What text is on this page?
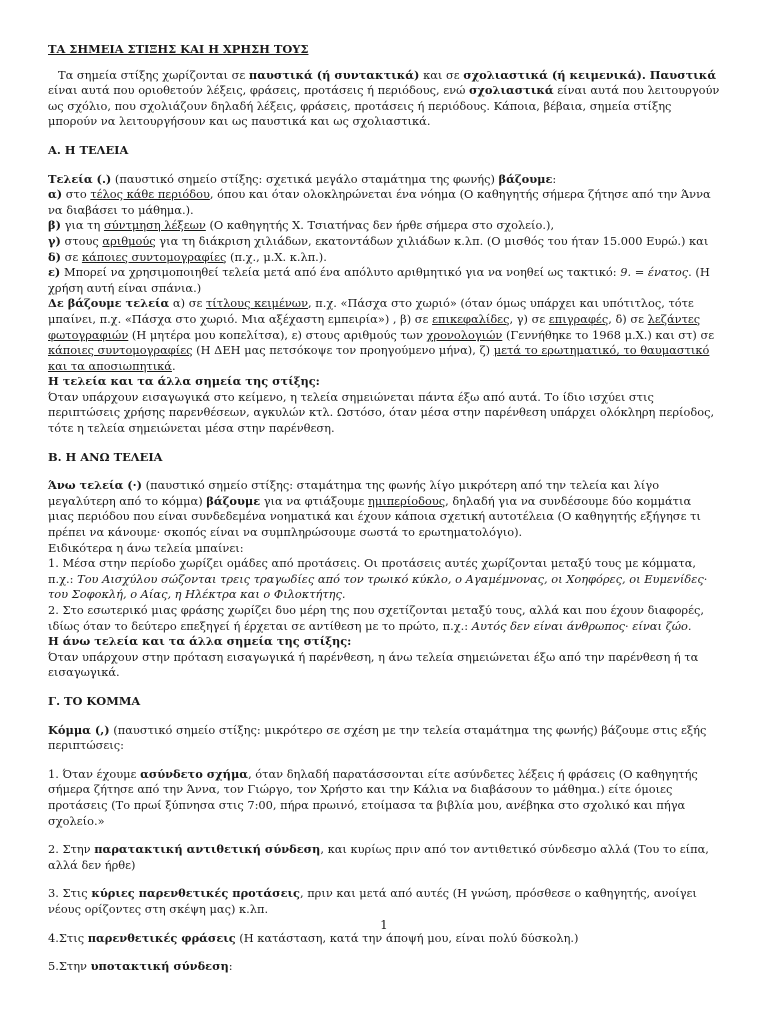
ΤΑ ΣΗΜΕΙΑ ΣΤΙΞΗΣ ΚΑΙ Η ΧΡΗΣΗ ΤΟΥΣ

Τα σημεία στίξης χωρίζονται σε παυστικά (ή συντακτικά) και σε σχολιαστικά (ή κειμενικά). Παυστικά είναι αυτά που οριοθετούν λέξεις, φράσεις, προτάσεις ή περιόδους, ενώ σχολιαστικά είναι αυτά που λειτουργούν ως σχόλιο, που σχολιάζουν δηλαδή λέξεις, φράσεις, προτάσεις ή περιόδους. Κάποια, βέβαια, σημεία στίξης μπορούν να λειτουργήσουν και ως παυστικά και ως σχολιαστικά.

Α. Η ΤΕΛΕΙΑ

Τελεία (.) (παυστικό σημείο στίξης: σχετικά μεγάλο σταμάτημα της φωνής) βάζουμε:

α) στο τέλος κάθε περιόδου, όπου και όταν ολοκληρώνεται ένα νόημα (Ο καθηγητής σήμερα ζήτησε από την Άννα να διαβάσει το μάθημα.).

β) για τη σύντμηση λέξεων (Ο καθηγητής Χ. Τσιατήνας δεν ήρθε σήμερα στο σχολείο.),

γ) στους αριθμούς για τη διάκριση χιλιάδων, εκατοντάδων χιλιάδων κ.λπ. (Ο μισθός του ήταν 15.000 Ευρώ.) και

δ) σε κάποιες συντομογραφίες (π.χ., μ.Χ. κ.λπ.).

ε) Μπορεί να χρησιμοποιηθεί τελεία μετά από ένα απόλυτο αριθμητικό για να νοηθεί ως τακτικό: 9. = ένατος. (Η χρήση αυτή είναι σπάνια.)

Δε βάζουμε τελεία α) σε τίτλους κειμένων, π.χ. «Πάσχα στο χωριό» (όταν όμως υπάρχει και υπότιτλος, τότε μπαίνει, π.χ. «Πάσχα στο χωριό. Μια αξέχαστη εμπειρία») , β) σε επικεφαλίδες, γ) σε επιγραφές, δ) σε λεζάντες φωτογραφιών (Η μητέρα μου κοπελίτσα), ε) στους αριθμούς των χρονολογιών (Γεννήθηκε το 1968 μ.Χ.) και στ) σε κάποιες συντομογραφίες (Η ΔΕΗ μας πετσόκοψε τον προηγούμενο μήνα), ζ) μετά το ερωτηματικό, το θαυμαστικό και τα αποσιωπητικά.

Η τελεία και τα άλλα σημεία της στίξης:

Όταν υπάρχουν εισαγωγικά στο κείμενο, η τελεία σημειώνεται πάντα έξω από αυτά. Το ίδιο ισχύει στις περιπτώσεις χρήσης παρενθέσεων, αγκυλών κτλ. Ωστόσο, όταν μέσα στην παρένθεση υπάρχει ολόκληρη περίοδος, τότε η τελεία σημειώνεται μέσα στην παρένθεση.

Β. Η ΑΝΩ ΤΕΛΕΙΑ

Άνω τελεία (·) (παυστικό σημείο στίξης: σταμάτημα της φωνής λίγο μικρότερη από την τελεία και λίγο μεγαλύτερη από το κόμμα) βάζουμε για να φτιάξουμε ημιπερίοδους, δηλαδή για να συνδέσουμε δύο κομμάτια μιας περιόδου που είναι συνδεδεμένα νοηματικά και έχουν κάποια σχετική αυτοτέλεια (Ο καθηγητής εξήγησε τι πρέπει να κάνουμε· σκοπός είναι να συμπληρώσουμε σωστά το ερωτηματολόγιο).

Ειδικότερα η άνω τελεία μπαίνει:

1. Μέσα στην περίοδο χωρίζει ομάδες από προτάσεις. Οι προτάσεις αυτές χωρίζονται μεταξύ τους με κόμματα, π.χ.: Του Αισχύλου σώζονται τρεις τραγωδίες από τον τρωικό κύκλο, ο Αγαμέμνονας, οι Χοηφόρες, οι Ευμενίδες· του Σοφοκλή, ο Αίας, η Ηλέκτρα και ο Φιλοκτήτης.

2. Στο εσωτερικό μιας φράσης χωρίζει δυο μέρη της που σχετίζονται μεταξύ τους, αλλά και που έχουν διαφορές, ιδίως όταν το δεύτερο επεξηγεί ή έρχεται σε αντίθεση με το πρώτο, π.χ.: Αυτός δεν είναι άνθρωπος· είναι ζώο.

Η άνω τελεία και τα άλλα σημεία της στίξης:

Όταν υπάρχουν στην πρόταση εισαγωγικά ή παρένθεση, η άνω τελεία σημειώνεται έξω από την παρένθεση ή τα εισαγωγικά.

Γ. ΤΟ ΚΟΜΜΑ

Κόμμα (,) (παυστικό σημείο στίξης: μικρότερο σε σχέση με την τελεία σταμάτημα της φωνής) βάζουμε στις εξής περιπτώσεις:

1. Όταν έχουμε ασύνδετο σχήμα, όταν δηλαδή παρατάσσονται είτε ασύνδετες λέξεις ή φράσεις (Ο καθηγητής σήμερα ζήτησε από την Άννα, τον Γιώργο, τον Χρήστο και την Κάλια να διαβάσουν το μάθημα.) είτε όμοιες προτάσεις (Το πρωί ξύπνησα στις 7:00, πήρα πρωινό, ετοίμασα τα βιβλία μου, ανέβηκα στο σχολικό και πήγα σχολείο.»

2. Στην παρατακτική αντιθετική σύνδεση, και κυρίως πριν από τον αντιθετικό σύνδεσμο αλλά (Του το είπα, αλλά δεν ήρθε)

3. Στις κύριες παρενθετικές προτάσεις, πριν και μετά από αυτές (Η γνώση, πρόσθεσε ο καθηγητής, ανοίγει νέους ορίζοντες στη σκέψη μας) κ.λπ.

4.Στις παρενθετικές φράσεις (Η κατάσταση, κατά την άποψή μου, είναι πολύ δύσκολη.)

5.Στην υποτακτική σύνδεση:

1
